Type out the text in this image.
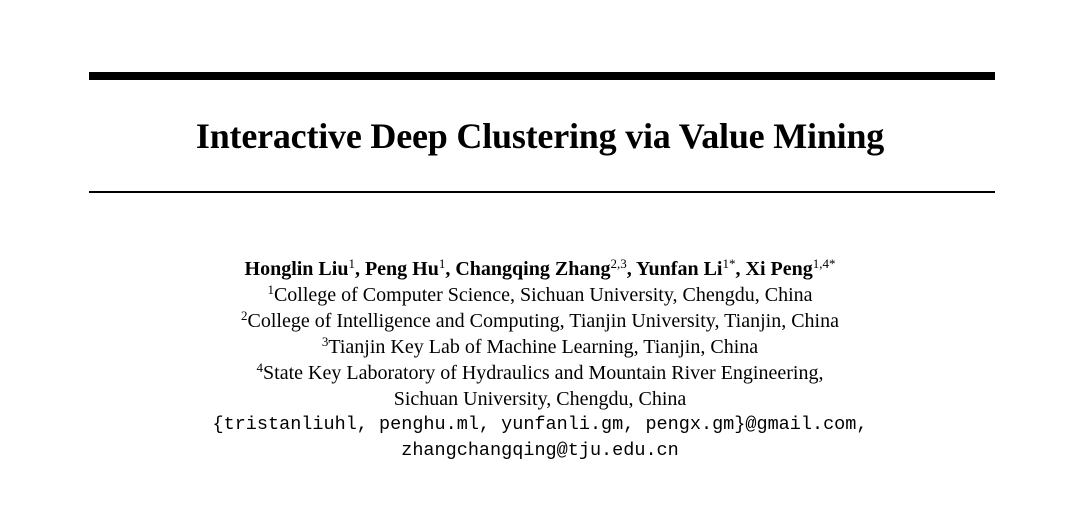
Interactive Deep Clustering via Value Mining
Honglin Liu$^1$, Peng Hu$^1$, Changqing Zhang$^{2,3}$, Yunfan $Li^{1*}$, Xi Peng$^{1,4*}$
$^1$College of Computer Science, Sichuan University, Chengdu, China
$^2$College of Intelligence and Computing, Tianjin University, Tianjin, China
$^3$Tianjin Key Lab of Machine Learning, Tianjin, China
$^4$State Key Laboratory of Hydraulics and Mountain River Engineering,
Sichuan University, Chengdu, China
{tristanliuhl, penghu.ml, yunfanli.gm, pengx.gm}@gmail.com,
zhangchangqing@tju.edu.cn
